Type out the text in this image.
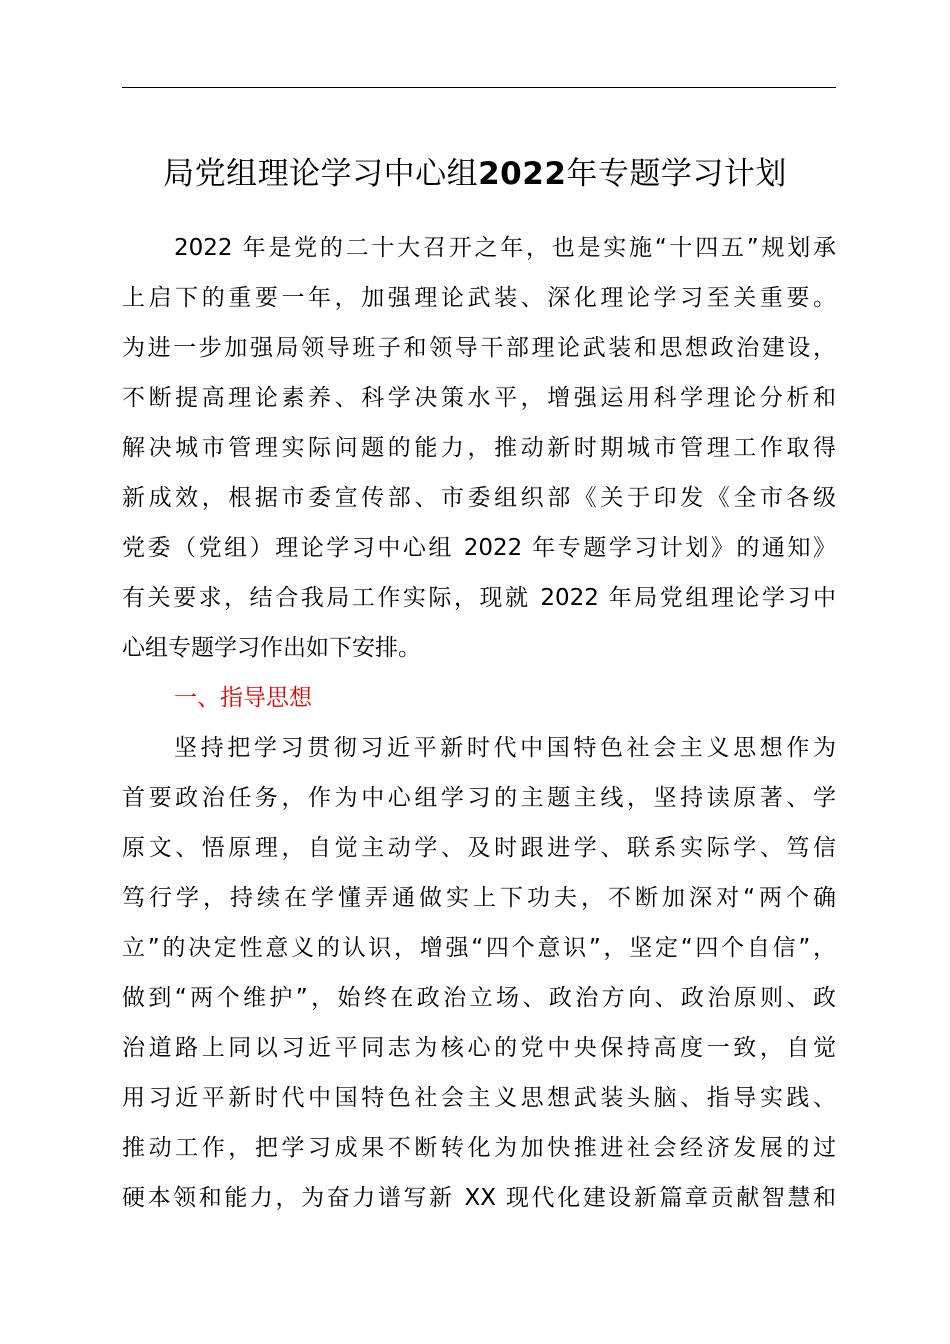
局党组理论学习中心组2022年专题学习计划
2022 年是党的二十大召开之年，也是实施“十四五”规划承
上启下的重要一年，加强理论武装、深化理论学习至关重要。
为进一步加强局领导班子和领导干部理论武装和思想政治建设，
不断提高理论素养、科学决策水平，增强运用科学理论分析和
解决城市管理实际问题的能力，推动新时期城市管理工作取得
新成效，根据市委宣传部、市委组织部《关于印发《全市各级
党委（党组）理论学习中心组 2022 年专题学习计划》的通知》
有关要求，结合我局工作实际，现就 2022 年局党组理论学习中
心组专题学习作出如下安排。
一、指导思想
坚持把学习贯彻习近平新时代中国特色社会主义思想作为
首要政治任务，作为中心组学习的主题主线，坚持读原著、学
原文、悟原理，自觉主动学、及时跟进学、联系实际学、笃信
笃行学，持续在学懂弄通做实上下功夫，不断加深对“两个确
立”的决定性意义的认识，增强“四个意识”，坚定“四个自信”，
做到“两个维护”，始终在政治立场、政治方向、政治原则、政
治道路上同以习近平同志为核心的党中央保持高度一致，自觉
用习近平新时代中国特色社会主义思想武装头脑、指导实践、
推动工作，把学习成果不断转化为加快推进社会经济发展的过
硬本领和能力，为奋力谱写新 XX 现代化建设新篇章贡献智慧和
